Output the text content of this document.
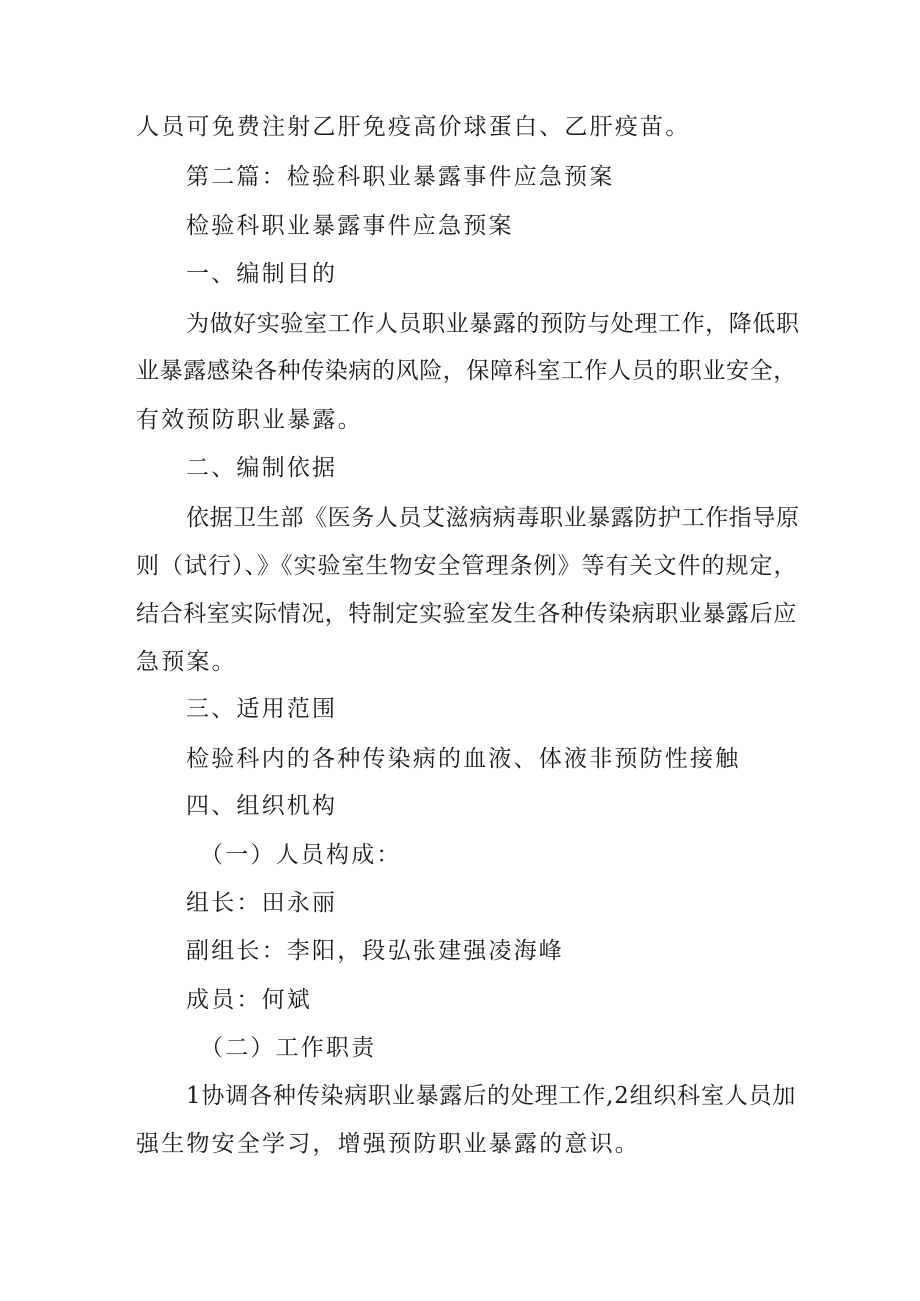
人员可免费注射乙肝免疫高价球蛋白、乙肝疫苗。
第二篇：检验科职业暴露事件应急预案
检验科职业暴露事件应急预案
一、编制目的
为做好实验室工作人员职业暴露的预防与处理工作，降低职
业暴露感染各种传染病的风险，保障科室工作人员的职业安全，
有效预防职业暴露。
二、编制依据
依据卫生部《医务人员艾滋病病毒职业暴露防护工作指导原
则（试行）、》《实验室生物安全管理条例》等有关文件的规定，
结合科室实际情况，特制定实验室发生各种传染病职业暴露后应
急预案。
三、适用范围
检验科内的各种传染病的血液、体液非预防性接触
四、组织机构
（一）人员构成：
组长：田永丽
副组长：李阳，段弘张建强凌海峰
成员：何斌
（二）工作职责
1协调各种传染病职业暴露后的处理工作,2组织科室人员加
强生物安全学习，增强预防职业暴露的意识。
